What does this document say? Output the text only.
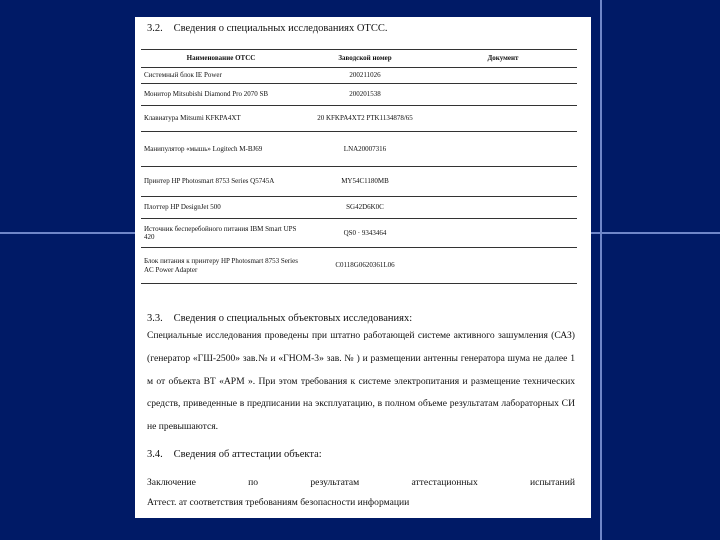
3.2. Сведения о специальных исследованиях ОТСС.
Наименование ОТСС	Заводской номер	Документ
Системный блок IE Power	200211026	
Монитор Mitsubishi Diamond Pro 2070 SB	200201538	
Клавиатура Mitsumi KFKPA4XT	20 KFKPA4XT2 PTK1134878/65	
Манипулятор «мышь» Logitech M-BJ69	LNA20007316	
Принтер HP Photosmart 8753 Series Q5745A	MY54C1180MB	
Плоттер HP DesignJet 500	SG42D6K0C	
Источник бесперебойного питания IBM Smart UPS 420	QS0 · 9343464	
Блок питания к принтеру HP Photosmart 8753 Series AC Power Adapter	C0118G0620361L06	
3.3. Сведения о специальных объектовых исследованиях:
Специальные исследования проведены при штатно работающей системе активного зашумления (САЗ) (генератор «ГШ-2500» зав.№ и «ГНОМ-3» зав. № ) и размещении антенны генератора шума не далее 1 м от объекта ВТ «АРМ ». При этом требования к системе электропитания и размещение технических средств, приведенные в предписании на эксплуатацию, в полном объеме результатам лабораторных СИ не превышаются.
3.4. Сведения об аттестации объекта:
Заключение	по	результатам	аттестационных	испытаний
Аттест. ат соответствия требованиям безопасности информации
